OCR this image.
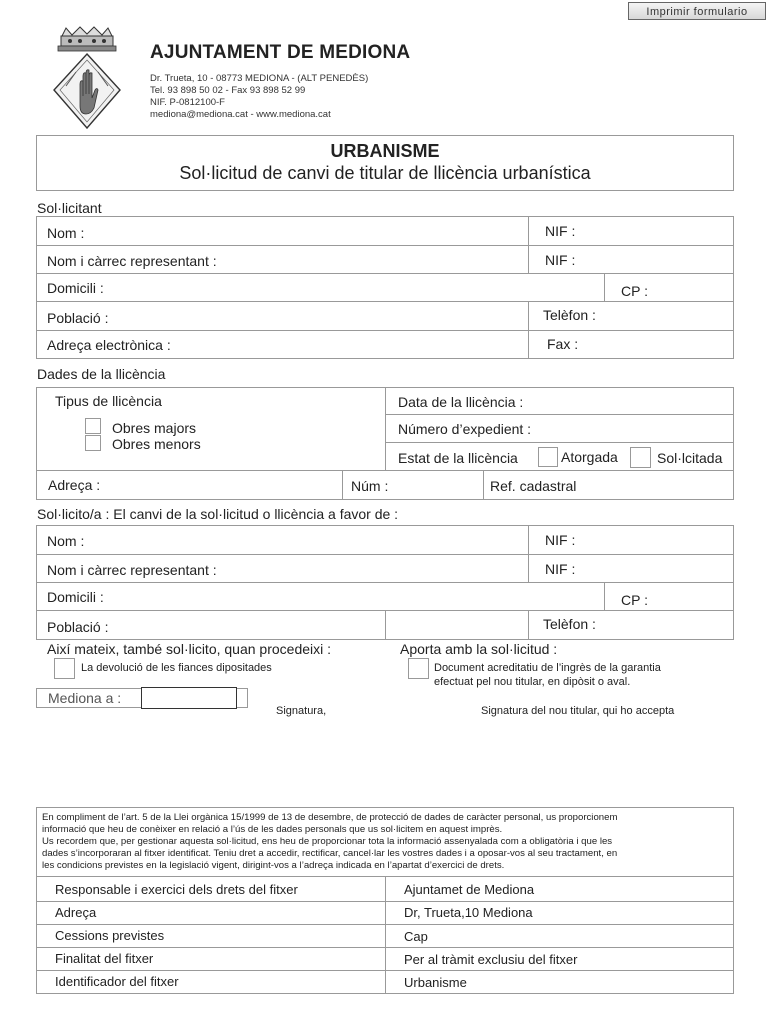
Imprimir formulario
AJUNTAMENT DE MEDIONA
Dr. Trueta, 10 - 08773 MEDIONA - (ALT PENEDÈS)
Tel. 93 898 50 02 - Fax 93 898 52 99
NIF. P-0812100-F
mediona@mediona.cat - www.mediona.cat
URBANISME
Sol·licitud de canvi de titular de llicència urbanística
Sol·licitant
Nom :	NIF :
Nom i càrrec representant :	NIF :
Domicili :	CP :
Població :	Telèfon :
Adreça electrònica :	Fax :
Dades de la llicència
Tipus de llicència
Obres majors
Obres menors
Data de la llicència :
Número d’expedient :
Estat de la llicència	Atorgada	Sol·lcitada
Adreça :	Núm :	Ref. cadastral
Sol·licito/a : El canvi de la sol·licitud o llicència a favor de :
Nom :	NIF :
Nom i càrrec representant :	NIF :
Domicili :	CP :
Població :	Telèfon :
Així mateix, també sol·licito, quan procedeixi :
La devolució de les fiances dipositades
Aporta amb la sol·licitud :
Document acreditatiu de l’ingrès de la garantia
efectuat pel nou titular, en dipòsit o aval.
Mediona a :
Signatura,	Signatura del nou titular, qui ho accepta
En compliment de l’art. 5 de la Llei orgànica 15/1999 de 13 de desembre, de protecció de dades de caràcter personal, us proporcionem
informació que heu de conèixer en relació a l’ús de les dades personals que us sol·licitem en aquest imprès.
Us recordem que, per gestionar aquesta sol·licitud, ens heu de proporcionar tota la informació assenyalada com a obligatòria i que les
dades s’incorporaran al fitxer identificat. Teniu dret a accedir, rectificar, cancel·lar les vostres dades i a oposar-vos al seu tractament, en
les condicions previstes en la legislació vigent, dirigint-vos a l’adreça indicada en l’apartat d’exercici de drets.
Responsable i exercici dels drets del fitxer	Ajuntamet de Mediona
Adreça	Dr, Trueta,10 Mediona
Cessions previstes	Cap
Finalitat del fitxer	Per al tràmit exclusiu del fitxer
Identificador del fitxer	Urbanisme
